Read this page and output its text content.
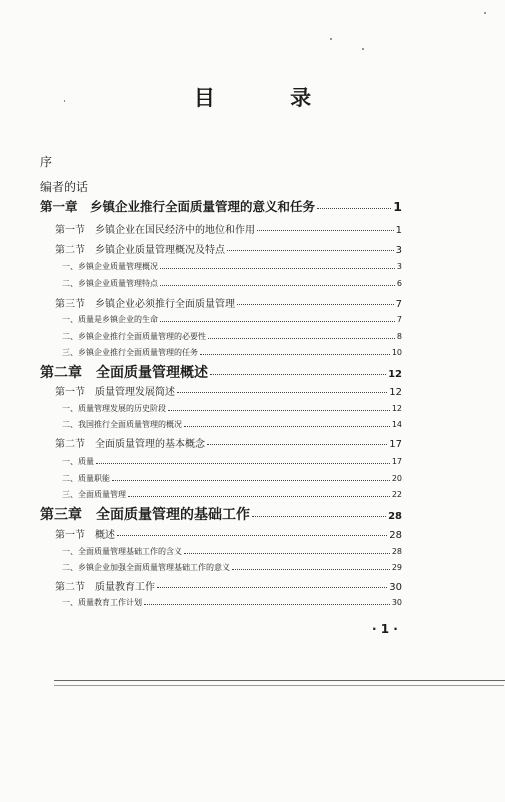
目 录
序
编者的话
第一章　乡镇企业推行全面质量管理的意义和任务	1
第一节　乡镇企业在国民经济中的地位和作用	1
第二节　乡镇企业质量管理概况及特点	3
一、乡镇企业质量管理概况	3
二、乡镇企业质量管理特点	6
第三节　乡镇企业必须推行全面质量管理	7
一、质量是乡镇企业的生命	7
二、乡镇企业推行全面质量管理的必要性	8
三、乡镇企业推行全面质量管理的任务	10
第二章　全面质量管理概述	12
第一节　质量管理发展简述	12
一、质量管理发展的历史阶段	12
二、我国推行全面质量管理的概况	14
第二节　全面质量管理的基本概念	17
一、质量	17
二、质量职能	20
三、全面质量管理	22
第三章　全面质量管理的基础工作	28
第一节　概述	28
一、全面质量管理基础工作的含义	28
二、乡镇企业加强全面质量管理基础工作的意义	29
第二节　质量教育工作	30
一、质量教育工作计划	30
· 1 ·
